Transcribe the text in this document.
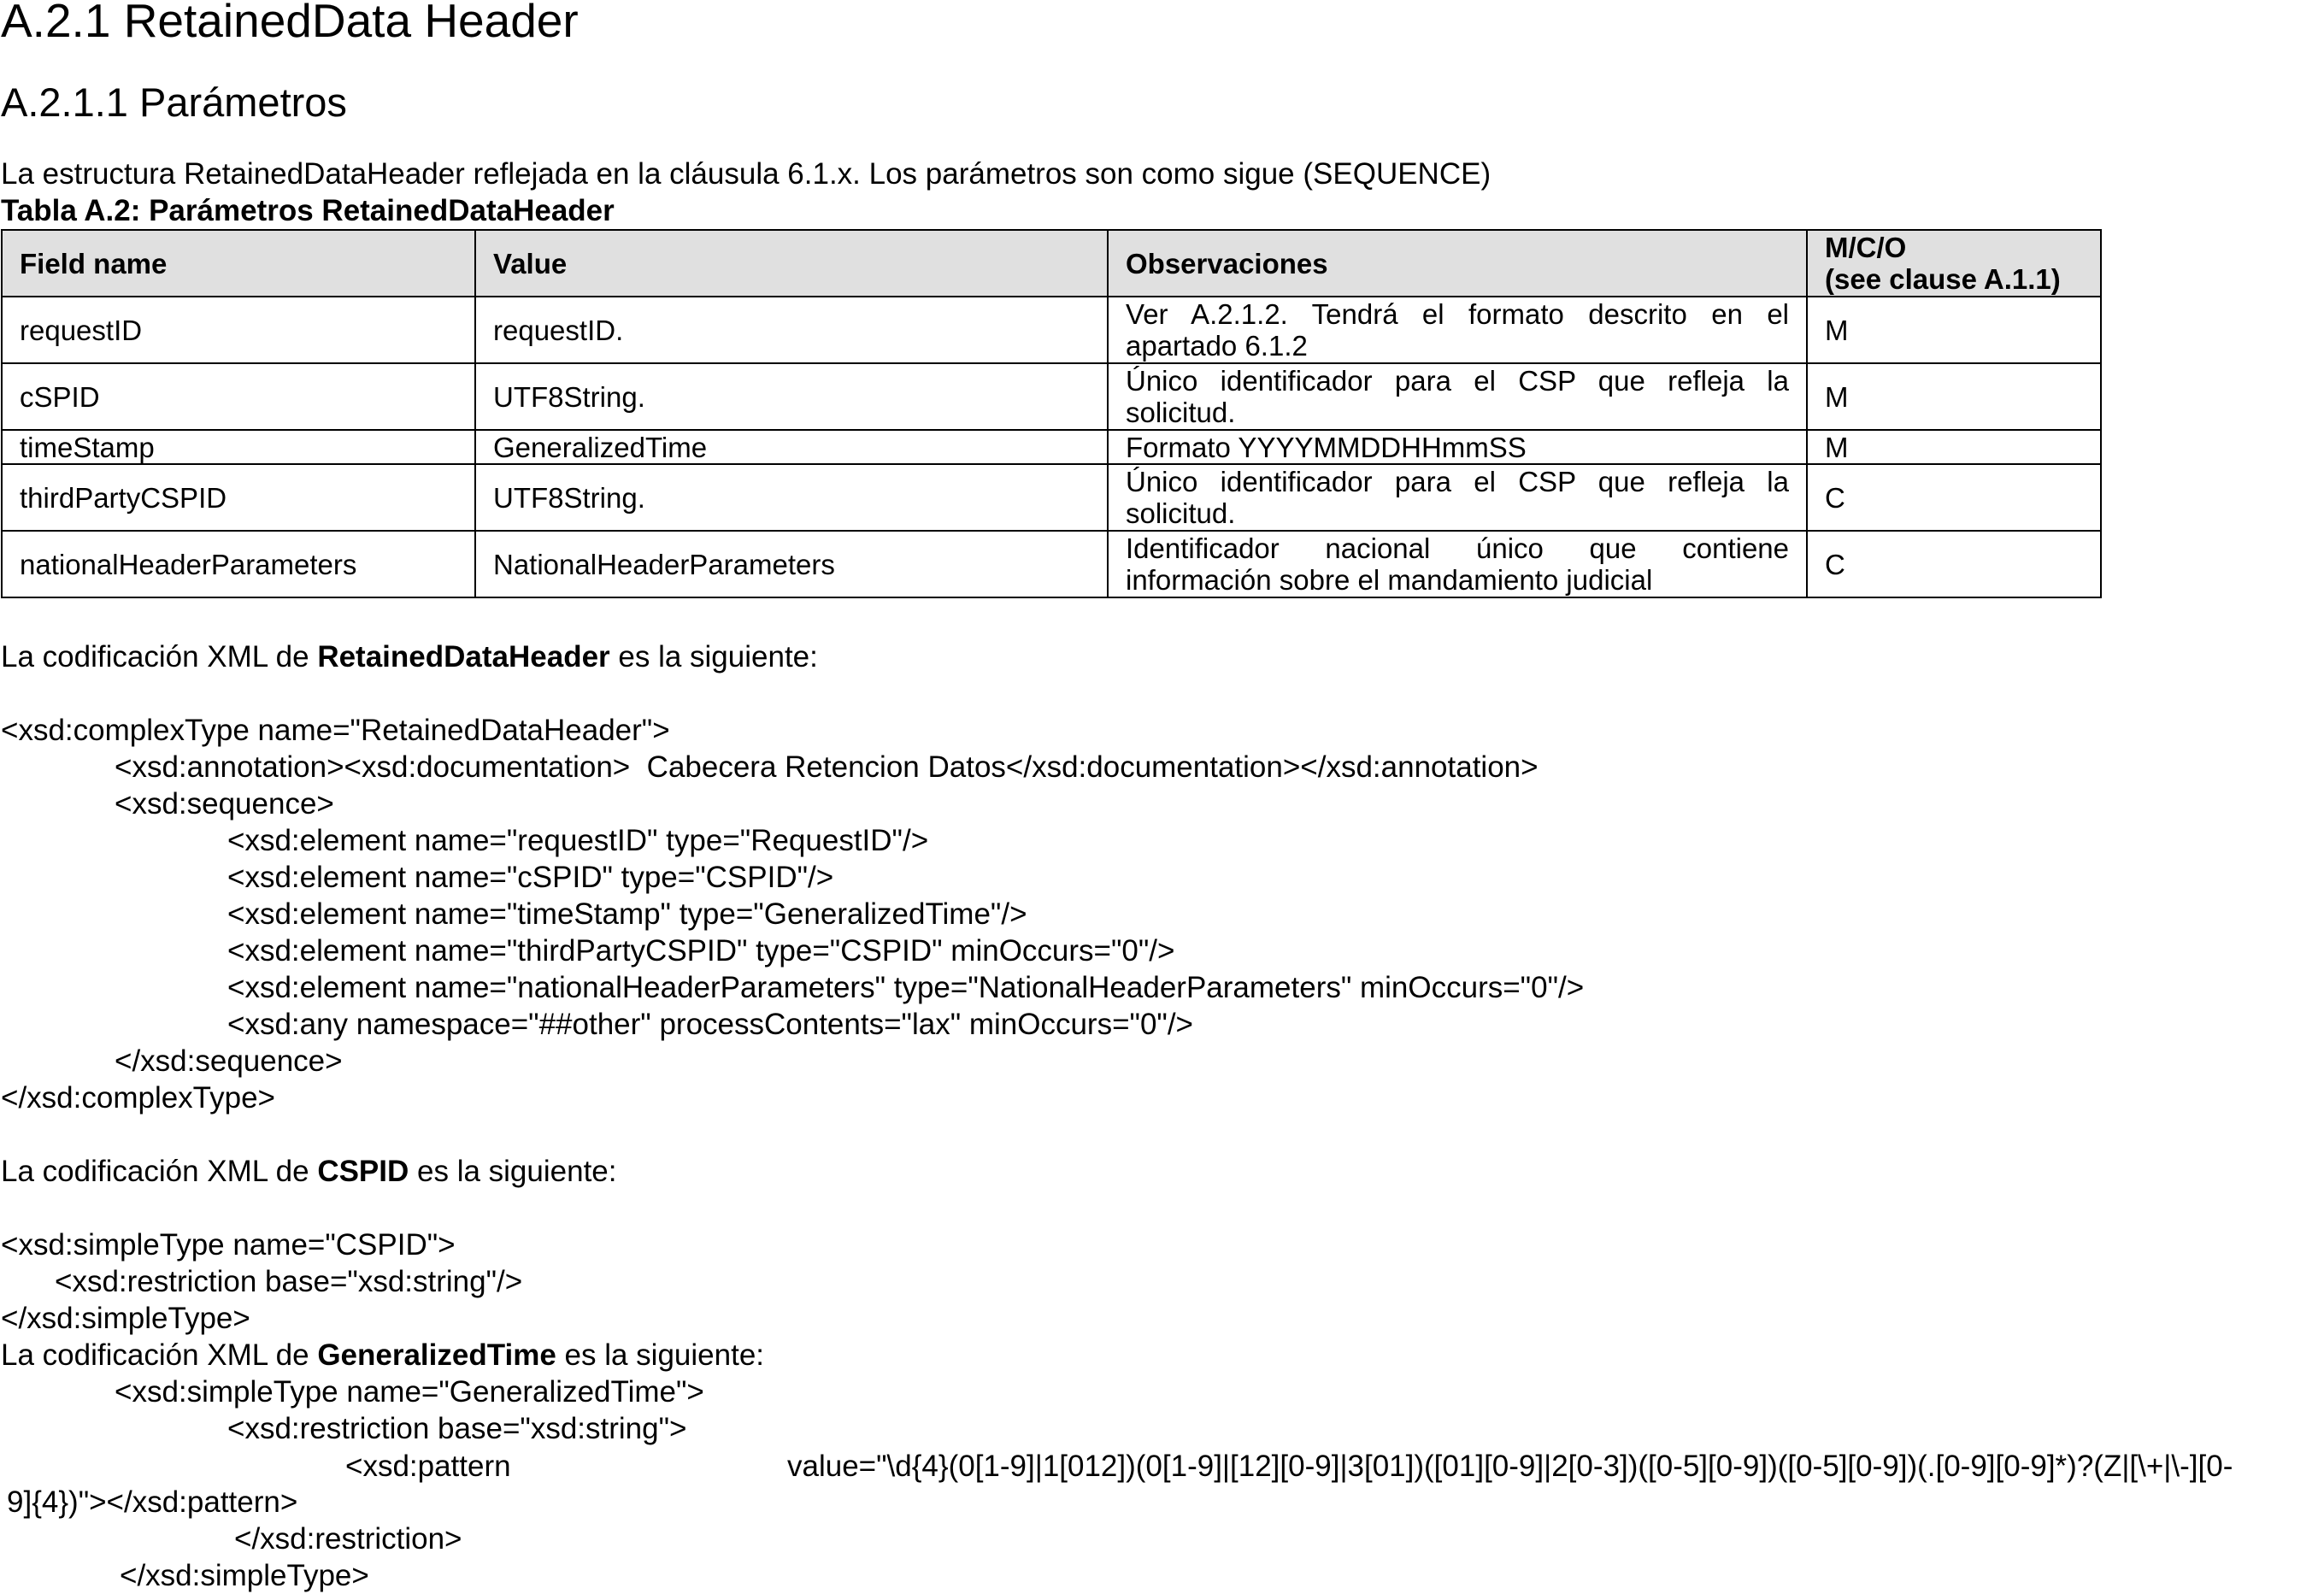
A.2.1 RetainedData Header
A.2.1.1 Parámetros
La estructura RetainedDataHeader reflejada en la cláusula 6.1.x. Los parámetros son como sigue (SEQUENCE)
Tabla A.2: Parámetros RetainedDataHeader
Field name	Value	Observaciones	M/C/O
(see clause A.1.1)
requestID	requestID.	Ver A.2.1.2. Tendrá el formato descrito en el apartado 6.1.2	M
cSPID	UTF8String.	Único identificador para el CSP que refleja la solicitud.	M
timeStamp	GeneralizedTime	Formato YYYYMMDDHHmmSS	M
thirdPartyCSPID	UTF8String.	Único identificador para el CSP que refleja la solicitud.	C
nationalHeaderParameters	NationalHeaderParameters	Identificador nacional único que contiene información sobre el mandamiento judicial	C
La codificación XML de RetainedDataHeader es la siguiente:
<xsd:complexType name="RetainedDataHeader">
<xsd:annotation><xsd:documentation>  Cabecera Retencion Datos</xsd:documentation></xsd:annotation>
<xsd:sequence>
<xsd:element name="requestID" type="RequestID"/>
<xsd:element name="cSPID" type="CSPID"/>
<xsd:element name="timeStamp" type="GeneralizedTime"/>
<xsd:element name="thirdPartyCSPID" type="CSPID" minOccurs="0"/>
<xsd:element name="nationalHeaderParameters" type="NationalHeaderParameters" minOccurs="0"/>
<xsd:any namespace="##other" processContents="lax" minOccurs="0"/>
</xsd:sequence>
</xsd:complexType>
La codificación XML de CSPID es la siguiente:
<xsd:simpleType name="CSPID">
<xsd:restriction base="xsd:string"/>
</xsd:simpleType>
La codificación XML de GeneralizedTime es la siguiente:
<xsd:simpleType name="GeneralizedTime">
<xsd:restriction base="xsd:string">
<xsd:pattern	value="\d{4}(0[1-9]|1[012])(0[1-9]|[12][0-9]|3[01])([01][0-9]|2[0-3])([0-5][0-9])([0-5][0-9])(.[0-9][0-9]*)?(Z|[\+|\-][0-
9]{4})"></xsd:pattern>
</xsd:restriction>
</xsd:simpleType>
